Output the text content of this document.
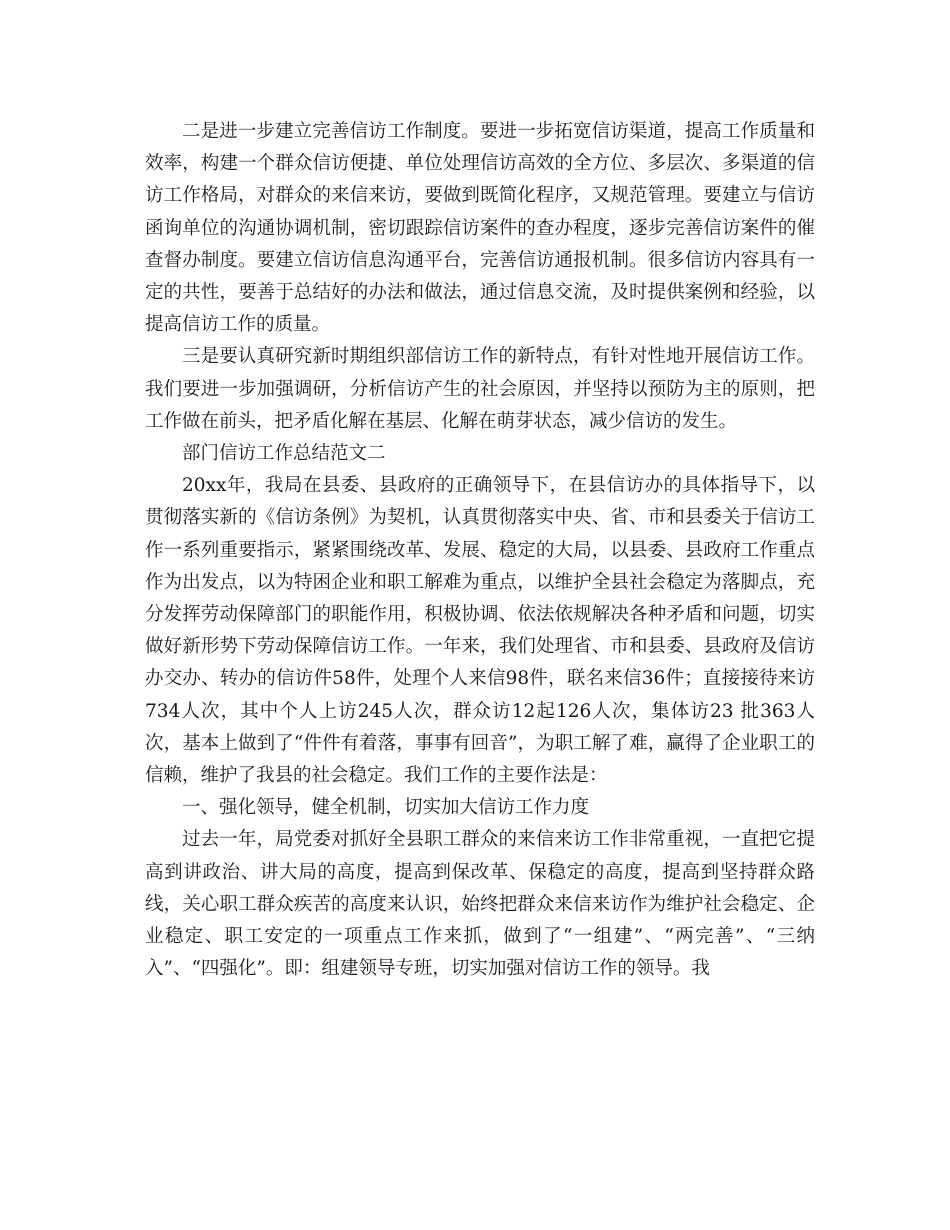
二是进一步建立完善信访工作制度。要进一步拓宽信访渠道，提高工作质量和效率，构建一个群众信访便捷、单位处理信访高效的全方位、多层次、多渠道的信访工作格局，对群众的来信来访，要做到既简化程序，又规范管理。要建立与信访函询单位的沟通协调机制，密切跟踪信访案件的查办程度，逐步完善信访案件的催查督办制度。要建立信访信息沟通平台，完善信访通报机制。很多信访内容具有一定的共性，要善于总结好的办法和做法，通过信息交流，及时提供案例和经验，以提高信访工作的质量。

三是要认真研究新时期组织部信访工作的新特点，有针对性地开展信访工作。我们要进一步加强调研，分析信访产生的社会原因，并坚持以预防为主的原则，把工作做在前头，把矛盾化解在基层、化解在萌芽状态，减少信访的发生。

部门信访工作总结范文二

20xx年，我局在县委、县政府的正确领导下，在县信访办的具体指导下，以贯彻落实新的《信访条例》为契机，认真贯彻落实中央、省、市和县委关于信访工作一系列重要指示，紧紧围绕改革、发展、稳定的大局，以县委、县政府工作重点作为出发点，以为特困企业和职工解难为重点，以维护全县社会稳定为落脚点，充分发挥劳动保障部门的职能作用，积极协调、依法依规解决各种矛盾和问题，切实做好新形势下劳动保障信访工作。一年来，我们处理省、市和县委、县政府及信访办交办、转办的信访件58件，处理个人来信98件，联名来信36件；直接接待来访734人次，其中个人上访245人次，群众访12起126人次，集体访23 批363人次，基本上做到了“件件有着落，事事有回音”，为职工解了难，赢得了企业职工的信赖，维护了我县的社会稳定。我们工作的主要作法是：

一、强化领导，健全机制，切实加大信访工作力度

过去一年，局党委对抓好全县职工群众的来信来访工作非常重视，一直把它提高到讲政治、讲大局的高度，提高到保改革、保稳定的高度，提高到坚持群众路线，关心职工群众疾苦的高度来认识，始终把群众来信来访作为维护社会稳定、企业稳定、职工安定的一项重点工作来抓，做到了“一组建”、“两完善”、“三纳入”、“四强化”。即：组建领导专班，切实加强对信访工作的领导。我
